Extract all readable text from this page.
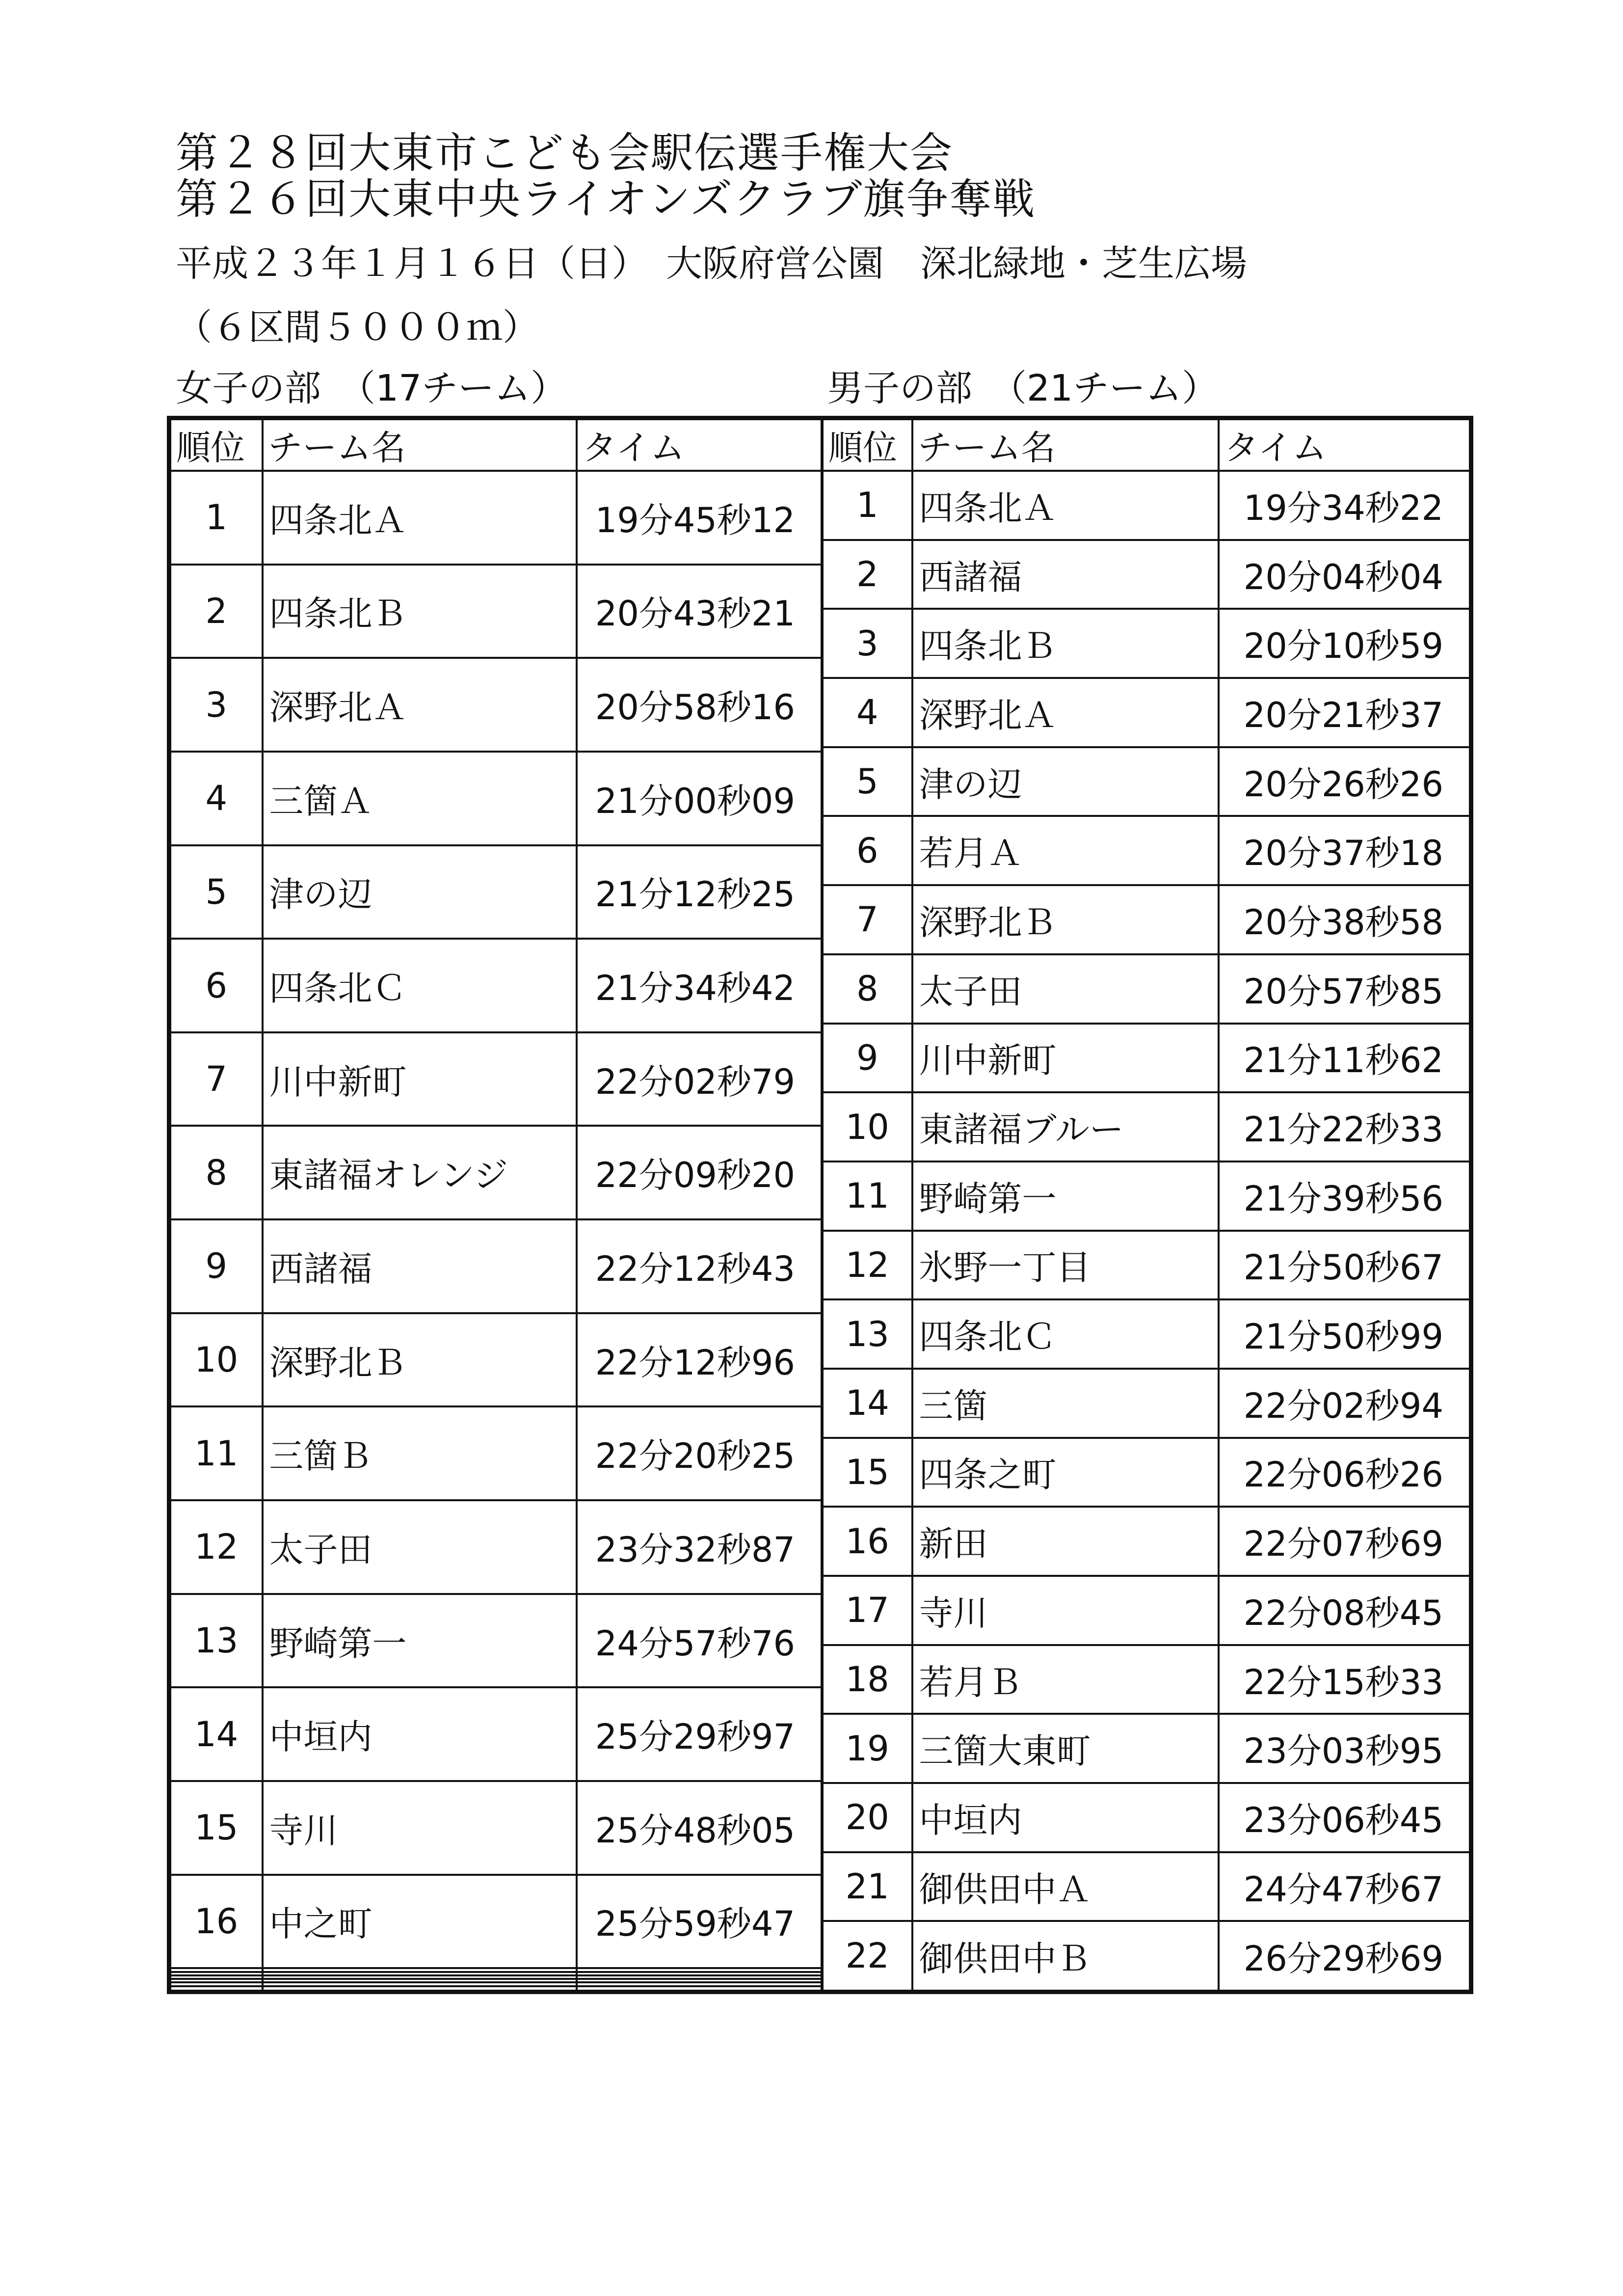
第２８回大東市こども会駅伝選手権大会
第２６回大東中央ライオンズクラブ旗争奪戦
平成２３年１月１６日（日）　大阪府営公園　深北緑地・芝生広場
（６区間５０００ｍ）
女子の部　（17チーム）	男子の部　（21チーム）
順位	チーム名	タイム
1	四条北Ａ	19分45秒12
2	四条北Ｂ	20分43秒21
3	深野北Ａ	20分58秒16
4	三箇Ａ	21分00秒09
5	津の辺	21分12秒25
6	四条北Ｃ	21分34秒42
7	川中新町	22分02秒79
8	東諸福オレンジ	22分09秒20
9	西諸福	22分12秒43
10	深野北Ｂ	22分12秒96
11	三箇Ｂ	22分20秒25
12	太子田	23分32秒87
13	野崎第一	24分57秒76
14	中垣内	25分29秒97
15	寺川	25分48秒05
16	中之町	25分59秒47

順位	チーム名	タイム
1	四条北Ａ	19分34秒22
2	西諸福	20分04秒04
3	四条北Ｂ	20分10秒59
4	深野北Ａ	20分21秒37
5	津の辺	20分26秒26
6	若月Ａ	20分37秒18
7	深野北Ｂ	20分38秒58
8	太子田	20分57秒85
9	川中新町	21分11秒62
10	東諸福ブルー	21分22秒33
11	野崎第一	21分39秒56
12	氷野一丁目	21分50秒67
13	四条北Ｃ	21分50秒99
14	三箇	22分02秒94
15	四条之町	22分06秒26
16	新田	22分07秒69
17	寺川	22分08秒45
18	若月Ｂ	22分15秒33
19	三箇大東町	23分03秒95
20	中垣内	23分06秒45
21	御供田中Ａ	24分47秒67
22	御供田中Ｂ	26分29秒69
